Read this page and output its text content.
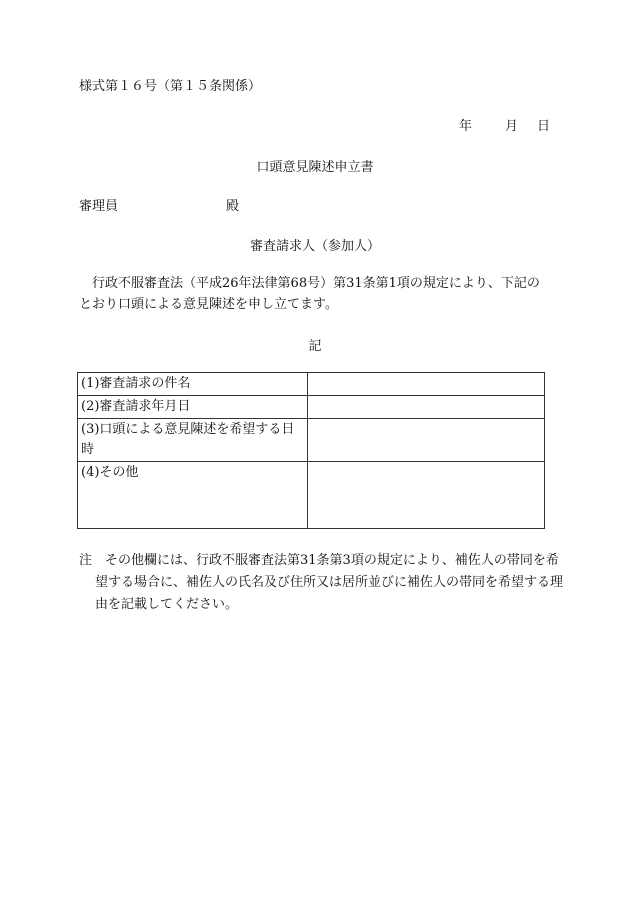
様式第１６号（第１５条関係）
年	月 日
口頭意見陳述申立書
審理員	殿
審査請求人（参加人）
行政不服審査法（平成26年法律第68号）第31条第1項の規定により、下記のとおり口頭による意見陳述を申し立てます。
記
(1)審査請求の件名	
(2)審査請求年月日	
(3)口頭による意見陳述を希望する日時	
(4)その他	
注　その他欄には、行政不服審査法第31条第3項の規定により、補佐人の帯同を希望する場合に、補佐人の氏名及び住所又は居所並びに補佐人の帯同を希望する理由を記載してください。
